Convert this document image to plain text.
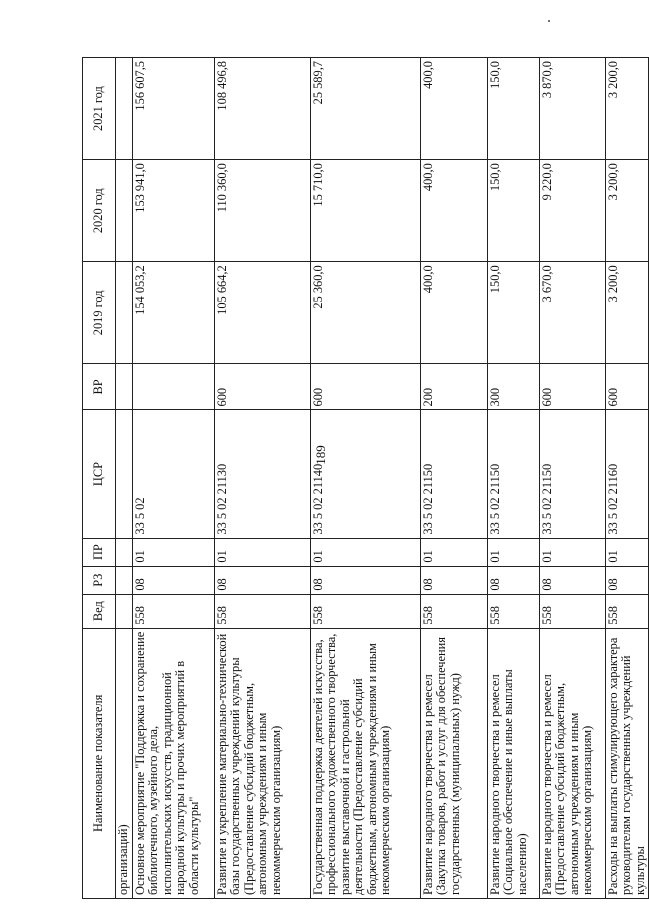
189
Наименование показателя	Вед	РЗ	ПР	ЦСР	ВР	2019 год	2020 год	2021 год
организаций)								
Основное мероприятие "Поддержка и сохранение библиотечного, музейного дела, исполнительских искусств, традиционной народной культуры и прочих мероприятий в области культуры"	558	08	01	33 5 02		154 053,2	153 941,0	156 607,5
Развитие и укрепление материально-технической базы государственных учреждений культуры (Предоставление субсидий бюджетным, автономным учреждениям и иным некоммерческим организациям)	558	08	01	33 5 02 21130	600	105 664,2	110 360,0	108 496,8
Государственная поддержка деятелей искусства, профессионального художественного творчества, развитие выставочной и гастрольной деятельности (Предоставление субсидий бюджетным, автономным учреждениям и иным некоммерческим организациям)	558	08	01	33 5 02 21140	600	25 360,0	15 710,0	25 589,7
Развитие народного творчества и ремесел (Закупка товаров, работ и услуг для обеспечения государственных (муниципальных) нужд)	558	08	01	33 5 02 21150	200	400,0	400,0	400,0
Развитие народного творчества и ремесел (Социальное обеспечение и иные выплаты населению)	558	08	01	33 5 02 21150	300	150,0	150,0	150,0
Развитие народного творчества и ремесел (Предоставление субсидий бюджетным, автономным учреждениям и иным некоммерческим организациям)	558	08	01	33 5 02 21150	600	3 670,0	9 220,0	3 870,0
Расходы на выплаты стимулирующего характера руководителям государственных учреждений культуры	558	08	01	33 5 02 21160	600	3 200,0	3 200,0	3 200,0
